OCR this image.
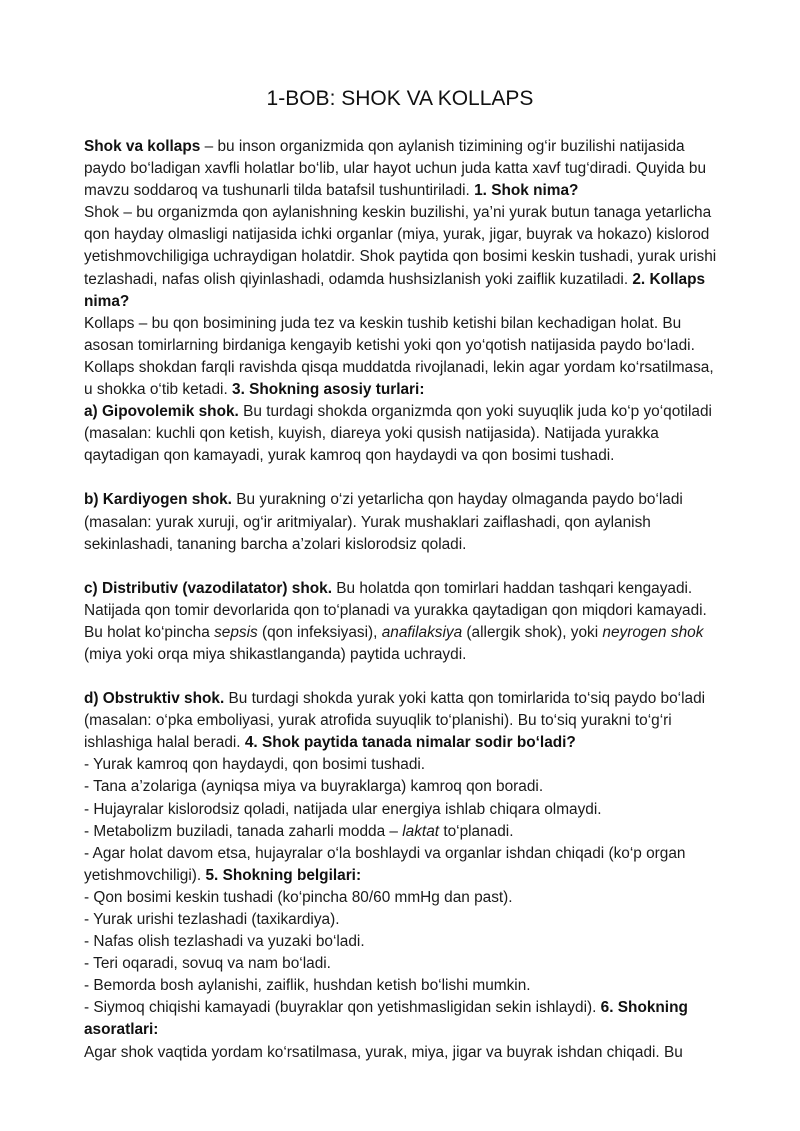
1-BOB: SHOK VA KOLLAPS

Shok va kollaps – bu inson organizmida qon aylanish tizimining og‘ir buzilishi natijasida paydo bo‘ladigan xavfli holatlar bo‘lib, ular hayot uchun juda katta xavf tug‘diradi. Quyida bu mavzu soddaroq va tushunarli tilda batafsil tushuntiriladi. 1. Shok nima?

Shok – bu organizmda qon aylanishning keskin buzilishi, ya’ni yurak butun tanaga yetarlicha qon hayday olmasligi natijasida ichki organlar (miya, yurak, jigar, buyrak va hokazo) kislorod yetishmovchiligiga uchraydigan holatdir. Shok paytida qon bosimi keskin tushadi, yurak urishi tezlashadi, nafas olish qiyinlashadi, odamda hushsizlanish yoki zaiflik kuzatiladi. 2. Kollaps nima?

Kollaps – bu qon bosimining juda tez va keskin tushib ketishi bilan kechadigan holat. Bu asosan tomirlarning birdaniga kengayib ketishi yoki qon yo‘qotish natijasida paydo bo‘ladi. Kollaps shokdan farqli ravishda qisqa muddatda rivojlanadi, lekin agar yordam ko‘rsatilmasa, u shokka o‘tib ketadi. 3. Shokning asosiy turlari:

a) Gipovolemik shok. Bu turdagi shokda organizmda qon yoki suyuqlik juda ko‘p yo‘qotiladi (masalan: kuchli qon ketish, kuyish, diareya yoki qusish natijasida). Natijada yurakka qaytadigan qon kamayadi, yurak kamroq qon haydaydi va qon bosimi tushadi.

b) Kardiyogen shok. Bu yurakning o‘zi yetarlicha qon hayday olmaganda paydo bo‘ladi (masalan: yurak xuruji, og‘ir aritmiyalar). Yurak mushaklari zaiflashadi, qon aylanish sekinlashadi, tananing barcha a’zolari kislorodsiz qoladi.

c) Distributiv (vazodilatator) shok. Bu holatda qon tomirlari haddan tashqari kengayadi. Natijada qon tomir devorlarida qon to‘planadi va yurakka qaytadigan qon miqdori kamayadi. Bu holat ko‘pincha sepsis (qon infeksiyasi), anafilaksiya (allergik shok), yoki neyrogen shok (miya yoki orqa miya shikastlanganda) paytida uchraydi.

d) Obstruktiv shok. Bu turdagi shokda yurak yoki katta qon tomirlarida to‘siq paydo bo‘ladi (masalan: o‘pka emboliyasi, yurak atrofida suyuqlik to‘planishi). Bu to‘siq yurakni to‘g‘ri ishlashiga halal beradi. 4. Shok paytida tanada nimalar sodir bo‘ladi?

- Yurak kamroq qon haydaydi, qon bosimi tushadi.

- Tana a’zolariga (ayniqsa miya va buyraklarga) kamroq qon boradi.

- Hujayralar kislorodsiz qoladi, natijada ular energiya ishlab chiqara olmaydi.

- Metabolizm buziladi, tanada zaharli modda – laktat to‘planadi.

- Agar holat davom etsa, hujayralar o‘la boshlaydi va organlar ishdan chiqadi (ko‘p organ yetishmovchiligi). 5. Shokning belgilari:

- Qon bosimi keskin tushadi (ko‘pincha 80/60 mmHg dan past).

- Yurak urishi tezlashadi (taxikardiya).

- Nafas olish tezlashadi va yuzaki bo‘ladi.

- Teri oqaradi, sovuq va nam bo‘ladi.

- Bemorda bosh aylanishi, zaiflik, hushdan ketish bo‘lishi mumkin.

- Siymoq chiqishi kamayadi (buyraklar qon yetishmasligidan sekin ishlaydi). 6. Shokning asoratlari:

Agar shok vaqtida yordam ko‘rsatilmasa, yurak, miya, jigar va buyrak ishdan chiqadi. Bu
